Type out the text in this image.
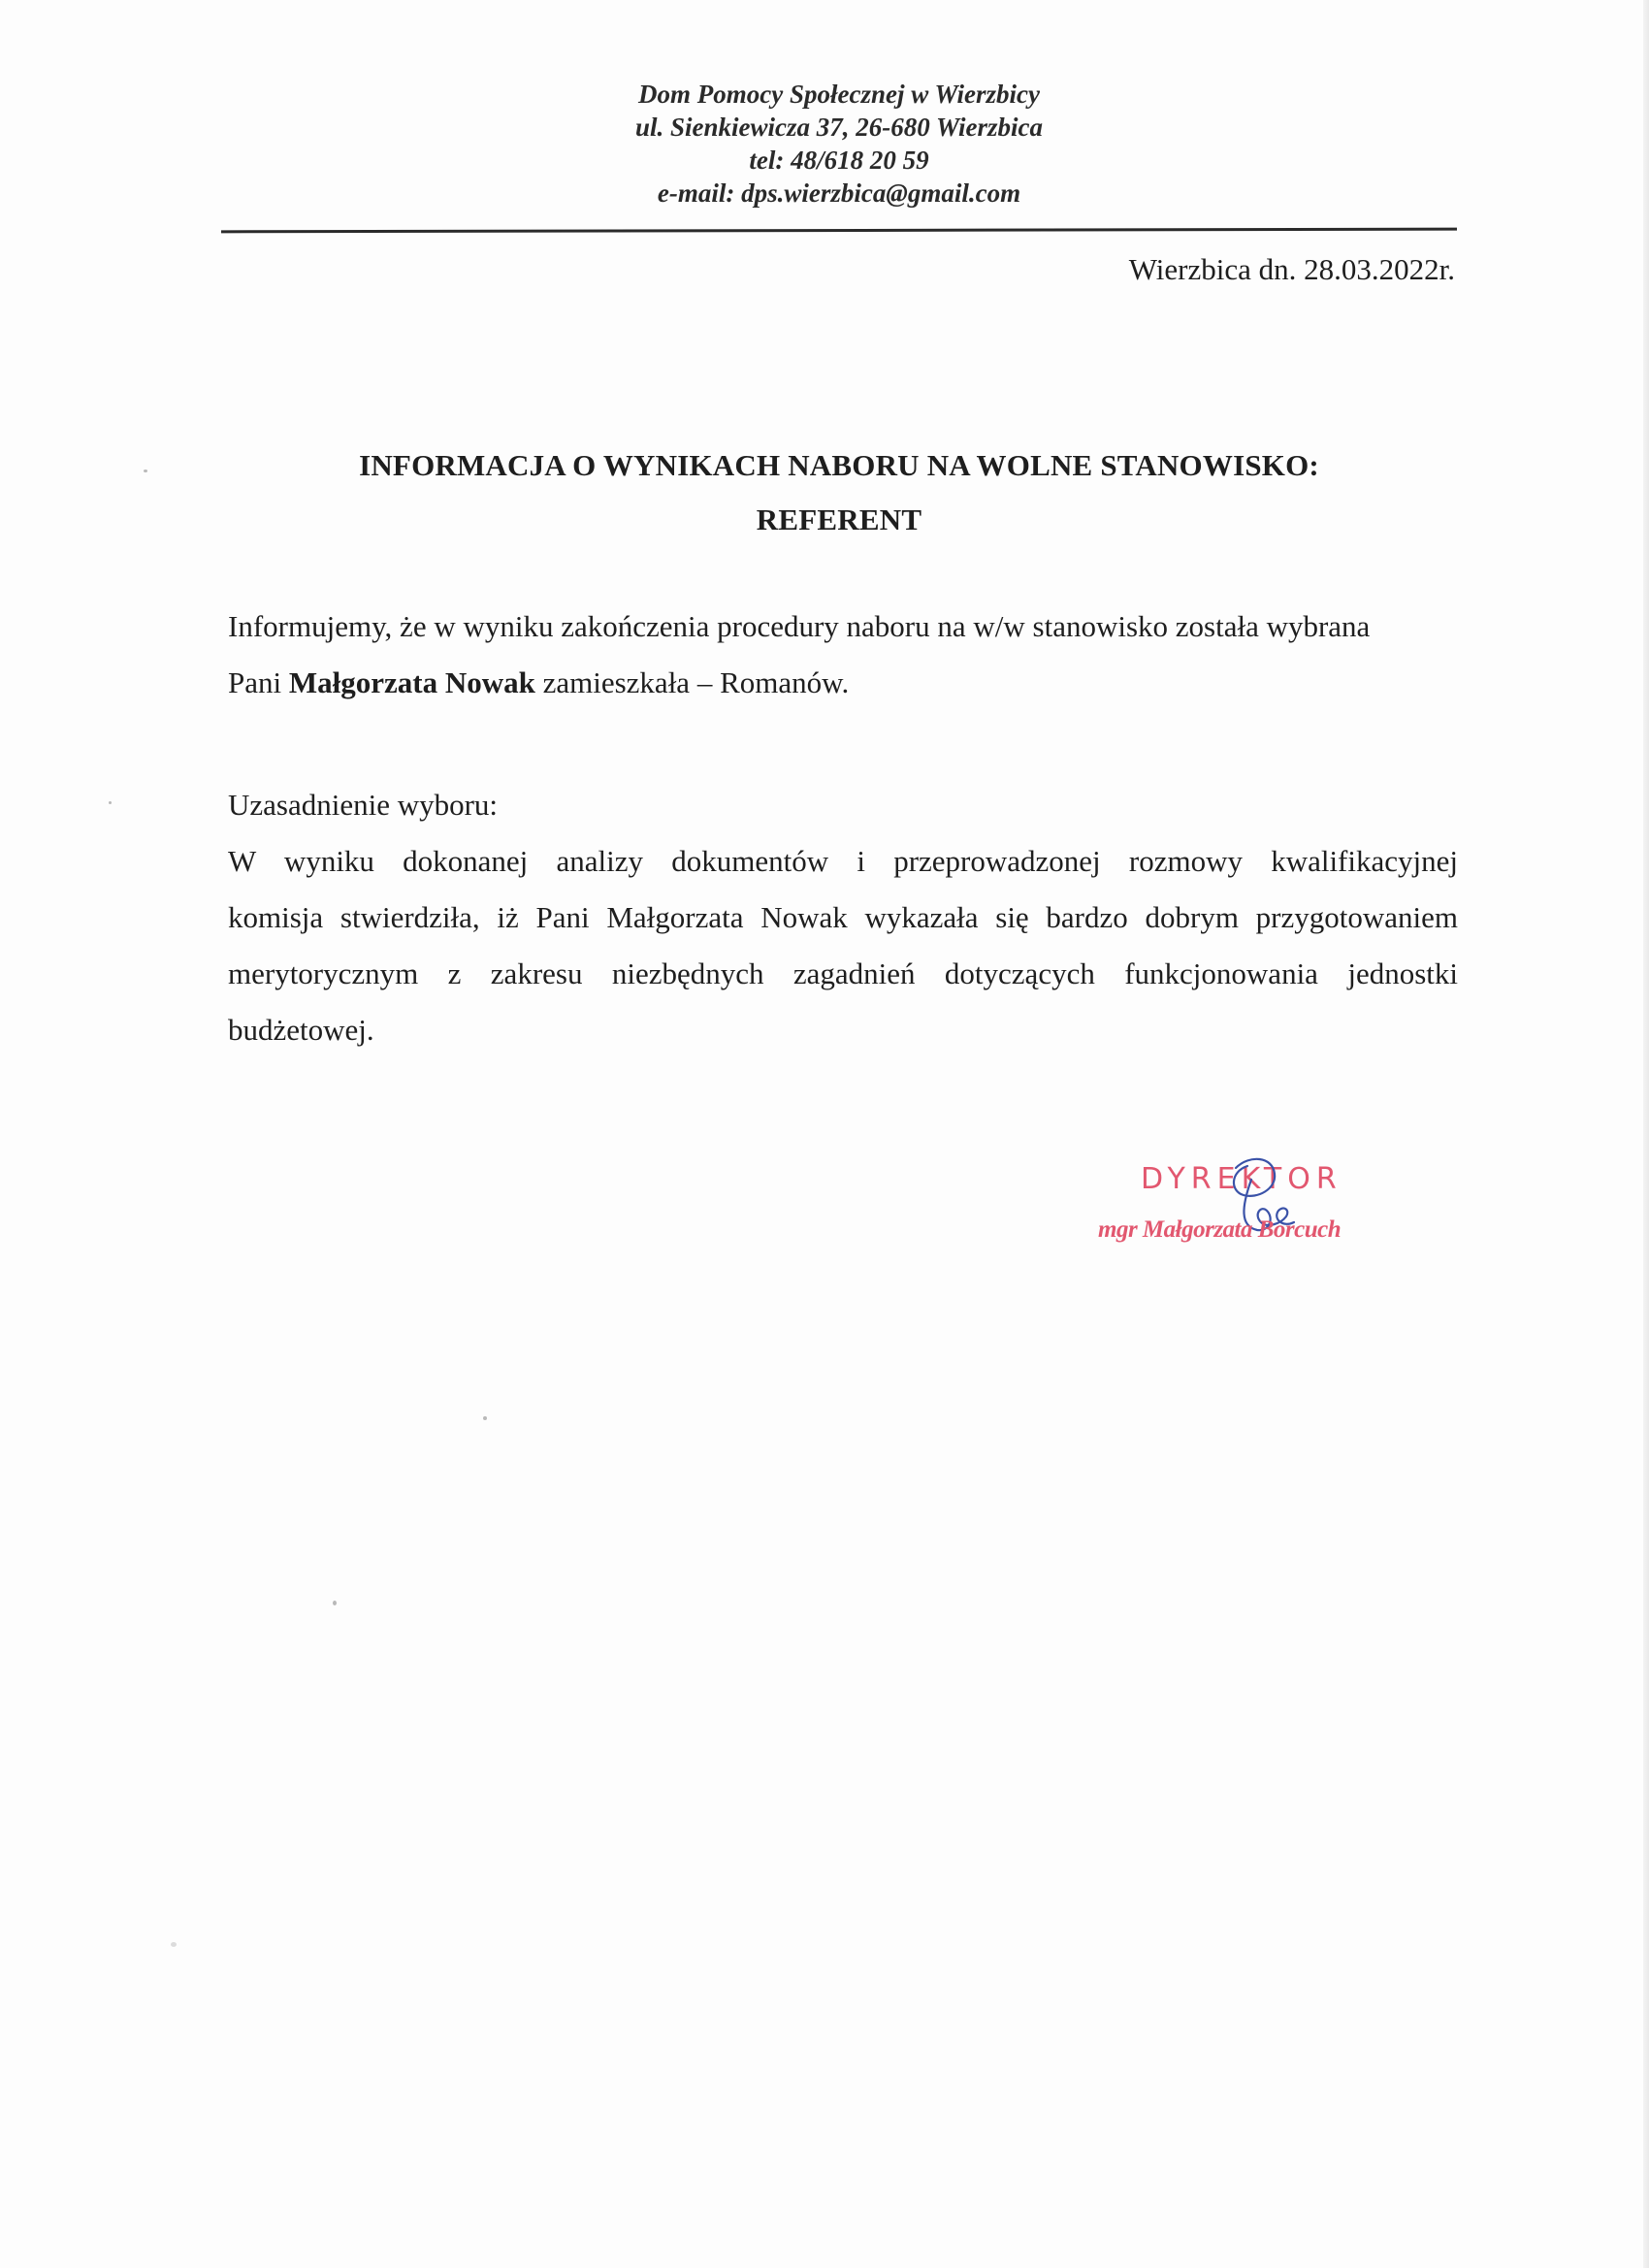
Dom Pomocy Społecznej w Wierzbicy
ul. Sienkiewicza 37, 26-680 Wierzbica
tel: 48/618 20 59
e-mail: dps.wierzbica@gmail.com
Wierzbica dn. 28.03.2022r.
INFORMACJA O WYNIKACH NABORU NA WOLNE STANOWISKO:
REFERENT
Informujemy, że w wyniku zakończenia procedury naboru na w/w stanowisko została wybrana
Pani Małgorzata Nowak zamieszkała – Romanów.
Uzasadnienie wyboru:
W wyniku dokonanej analizy dokumentów i przeprowadzonej rozmowy kwalifikacyjnej
komisja stwierdziła, iż Pani Małgorzata Nowak wykazała się bardzo dobrym przygotowaniem
merytorycznym z zakresu niezbędnych zagadnień dotyczących funkcjonowania jednostki
budżetowej.
DYREKTOR
mgr Małgorzata Borcuch
